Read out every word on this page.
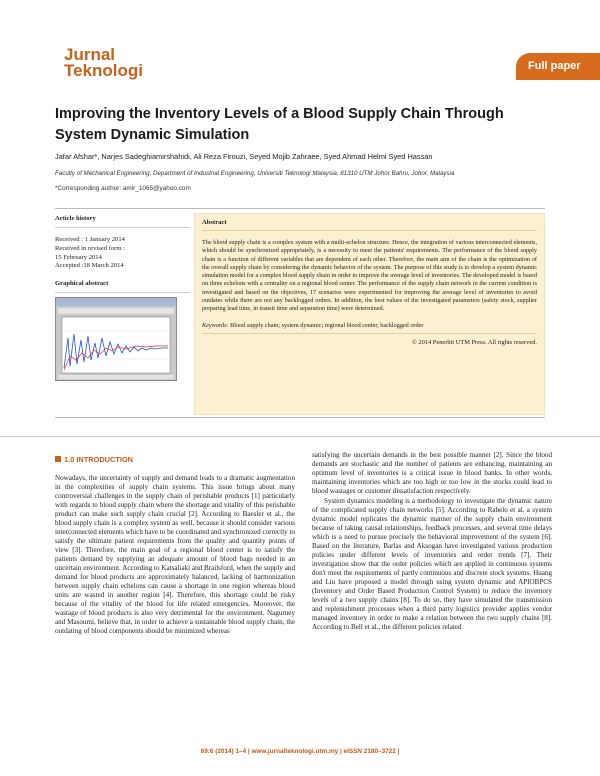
Jurnal
Teknologi	Full paper
Improving the Inventory Levels of a Blood Supply Chain Through System Dynamic Simulation
Jafar Afshar*, Narjes Sadeghiamirshahidi, Ali Reza Firouzi, Seyed Mojib Zahraee, Syed Ahmad Helmi Syed Hassan
Faculty of Mechanical Engineering, Department of Industrial Engineering, Universiti Teknologi Malaysia, 81310 UTM Johor Bahru, Johor, Malaysia
*Corresponding author: amir_1065@yahoo.com
Article history
Received : 1 January 2014
Received in revised form :
15 February 2014
Accepted :18 March 2014
Graphical abstract
Abstract
The blood supply chain is a complex system with a multi-echelon structure. Hence, the integration of various interconnected elements, which should be synchronized appropriately, is a necessity to meet the patients' requirements. The performance of the blood supply chain is a function of different variables that are dependent of each other. Therefore, the main aim of the chain is the optimization of the overall supply chain by considering the dynamic behavior of the system. The purpose of this study is to develop a system dynamic simulation model for a complex blood supply chain in order to improve the average level of inventories. The developed model is based on three echelons with a centrality on a regional blood center. The performance of the supply chain network in the current condition is investigated and based on the objectives, 17 scenarios were experimented for improving the average level of inventories to avoid outdates while there are not any backlogged orders. In addition, the best values of the investigated parameters (safety stock, supplier preparing lead time, in transit time and separation time) were determined.
Keywords: Blood supply chain; system dynamic; regional blood center, backlogged order
© 2014 Penerbit UTM Press. All rights reserved.
1.0 INTRODUCTION

Nowadays, the uncertainty of supply and demand leads to a dramatic augmentation in the complexities of supply chain systems. This issue brings about many controversial challenges in the supply chain of perishable products [1] particularly with regards to blood supply chain where the shortage and vitality of this perishable product can make such supply chain crucial [2]. According to Baesler et al., the blood supply chain is a complex system as well, because it should consider various interconnected elements which have to be coordinated and synchronized correctly to satisfy the ultimate patient requirements from the quality and quantity points of view [3]. Therefore, the main goal of a regional blood center is to satisfy the patients demand by supplying an adequate amount of blood bags needed in an uncertain environment. According to Katsaliaki and Brailsford, when the supply and demand for blood products are approximately balanced, lacking of harmonization between supply chain echelons can cause a shortage in one region whereas blood units are wasted in another region [4]. Therefore, this shortage could be risky because of the vitality of the blood for life related emergencies. Moreover, the wastage of blood products is also very detrimental for the environment. Nagurney and Masoumi, believe that, in order to achieve a sustainable blood supply chain, the outdating of blood components should be minimized whereas

satisfying the uncertain demands in the best possible manner [2]. Since the blood demands are stochastic and the number of patients are enhancing, maintaining an optimum level of inventories is a critical issue in blood banks. In other words, maintaining inventories which are too high or too low in the stocks could lead to blood wastages or customer dissatisfaction respectively.

System dynamics modeling is a methodology to investigate the dynamic nature of the complicated supply chain networks [5]. According to Rabelo et al. a system dynamic model replicates the dynamic manner of the supply chain environment because of taking causal relationships, feedback processes, and several time delays which is a need to pursue precisely the behavioral improvement of the system [6]. Based on the literature, Barlas and Aksogan have investigated various production policies under different levels of inventories and order trends [7]. Their investigation show that the order policies which are applied in continuous systems don't meet the requirements of partly continuous and discrete stock systems. Huang and Liu have proposed a model through using system dynamic and APIOBPCS (Inventory and Order Based Production Control System) to reduce the inventory levels of a two supply chains [8]. To do so, they have simulated the transmission and replenishment processes when a third party logistics provider applies vendor managed inventory in order to make a relation between the two supply chains [8]. According to Bell et al., the different policies related

69:6 (2014) 1–4 | www.jurnalteknologi.utm.my | eISSN 2180–3722 |
